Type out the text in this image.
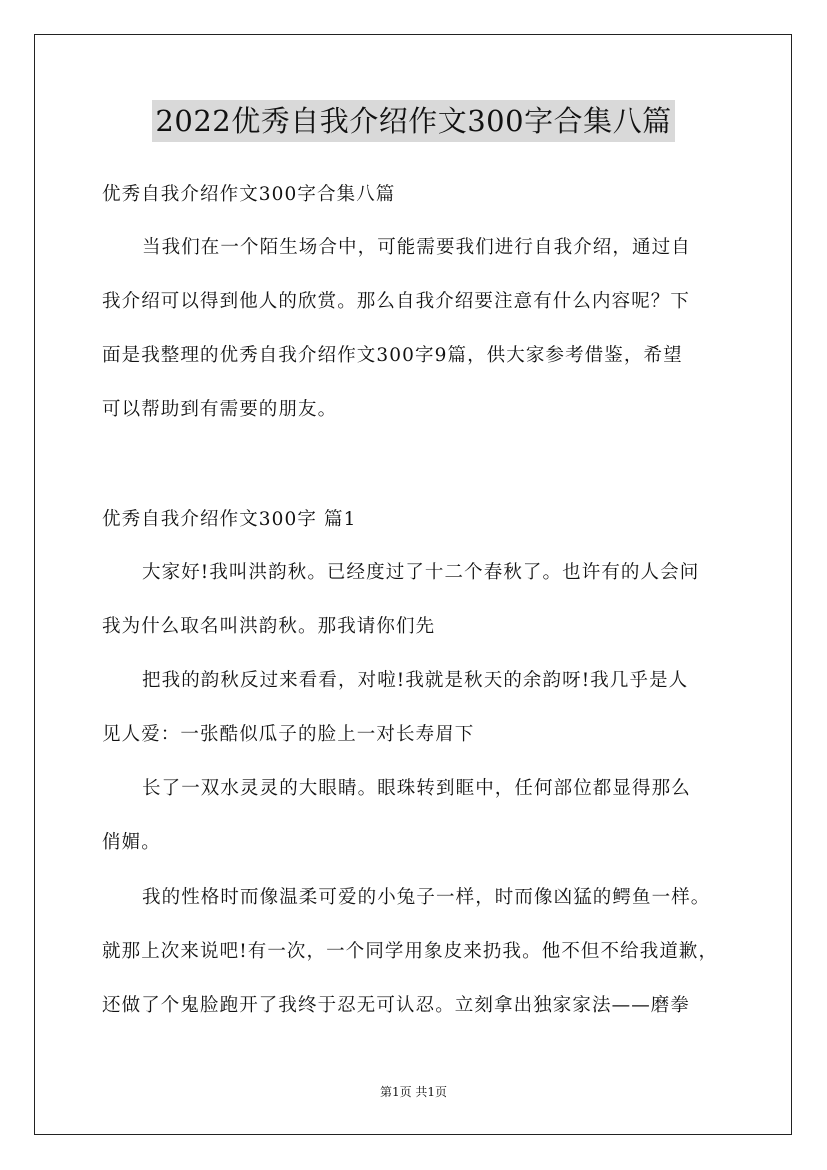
2022优秀自我介绍作文300字合集八篇
优秀自我介绍作文300字合集八篇
当我们在一个陌生场合中，可能需要我们进行自我介绍，通过自
我介绍可以得到他人的欣赏。那么自我介绍要注意有什么内容呢？下
面是我整理的优秀自我介绍作文300字9篇，供大家参考借鉴，希望
可以帮助到有需要的朋友。
优秀自我介绍作文300字 篇1
大家好!我叫洪韵秋。已经度过了十二个春秋了。也许有的人会问
我为什么取名叫洪韵秋。那我请你们先
把我的韵秋反过来看看，对啦!我就是秋天的余韵呀!我几乎是人
见人爱：一张酷似瓜子的脸上一对长寿眉下
长了一双水灵灵的大眼睛。眼珠转到眶中，任何部位都显得那么
俏媚。
我的性格时而像温柔可爱的小兔子一样，时而像凶猛的鳄鱼一样。
就那上次来说吧!有一次，一个同学用象皮来扔我。他不但不给我道歉，
还做了个鬼脸跑开了我终于忍无可认忍。立刻拿出独家家法——磨拳
第1页 共1页
